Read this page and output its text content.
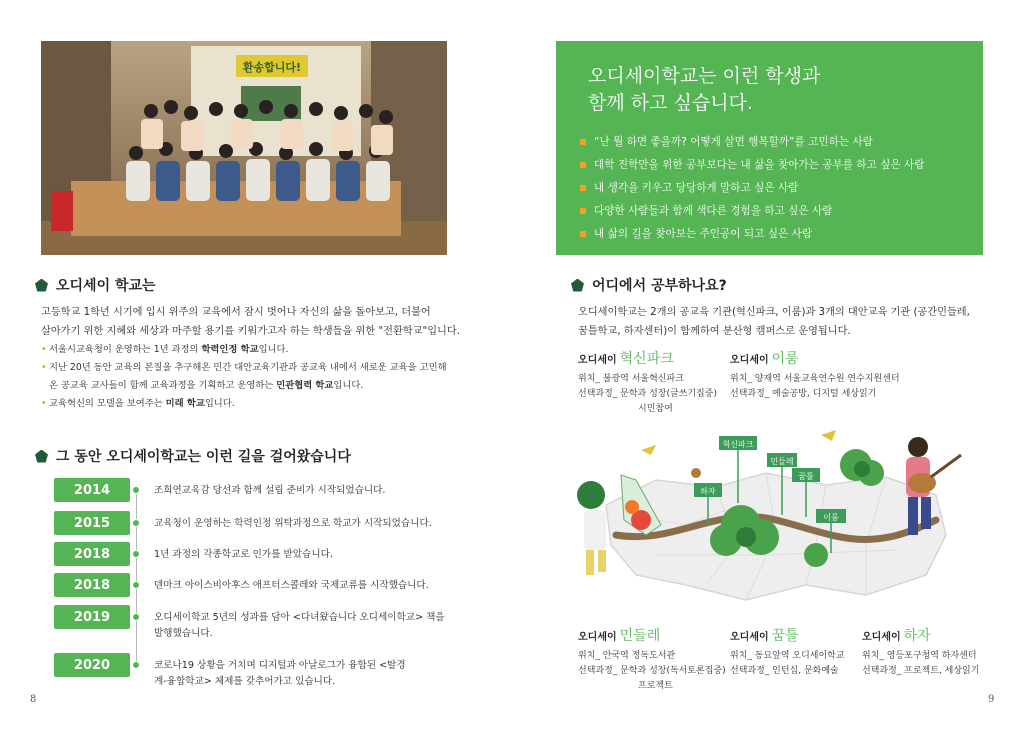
환송합니다!
오디세이 학교는

고등학교 1학년 시기에 입시 위주의 교육에서 잠시 벗어나 자신의 삶을 돌아보고, 더불어

살아가기 위한 지혜와 세상과 마주할 용기를 키워가고자 하는 학생들을 위한 "전환학교"입니다.

• 서울시교육청이 운영하는 1년 과정의 학력인정 학교입니다.
• 지난 20년 동안 교육의 본질을 추구해온 민간 대안교육기관과 공교육 내에서 새로운 교육을 고민해온 공교육 교사들이 함께 교육과정을 기획하고 운영하는 민관협력 학교입니다.
• 교육혁신의 모델을 보여주는 미래 학교입니다.
그 동안 오디세이학교는 이런 길을 걸어왔습니다
2014	조희연교육감 당선과 함께 설립 준비가 시작되었습니다.
2015	교육청이 운영하는 학력인정 위탁과정으로 학교가 시작되었습니다.
2018	1년 과정의 각종학교로 인가를 받았습니다.
2018	덴마크 아이스비아후스 애프터스콜레와 국제교류를 시작했습니다.
2019	오디세이학교 5년의 성과를 담아 <다녀왔습니다 오디세이학교> 책을 발행했습니다.
2020	코로나19 상황을 거치며 디지털과 아날로그가 융합된 <탈경계-융합학교> 체제를 갖추어가고 있습니다.
8
오디세이학교는 이런 학생과
함께 하고 싶습니다.
“난 뭘 하면 좋을까? 어떻게 살면 행복할까”를 고민하는 사람
대학 진학만을 위한 공부보다는 내 삶을 찾아가는 공부를 하고 싶은 사람
내 생각을 키우고 당당하게 말하고 싶은 사람
다양한 사람들과 함께 색다른 경험을 하고 싶은 사람
내 삶의 길을 찾아보는 주인공이 되고 싶은 사람
어디에서 공부하나요?

오디세이학교는 2개의 공교육 기관(혁신파크, 이룸)과 3개의 대안교육 기관 (공간민들레,

꿈틀학교, 하자센터)이 함께하여 분산형 캠퍼스로 운영됩니다.

오디세이 혁신파크
위치_ 불광역 서울혁신파크
선택과정_ 문학과 성장(글쓰기집중)
시민참여
오디세이 이룸
위치_ 양재역 서울교육연수원 연수지원센터
선택과정_ 예술공방, 디지털 세상읽기
혁신파크
민들레
꿈틀
하자
이룸
오디세이 민들레
위치_ 안국역 정독도서관
선택과정_ 문학과 성장(독서토론집중)
프로젝트
오디세이 꿈틀
위치_ 동묘앞역 오디세이학교
선택과정_ 인턴십, 문화예술
오디세이 하자
위치_ 영등포구청역 하자센터
선택과정_ 프로젝트, 세상읽기
9
